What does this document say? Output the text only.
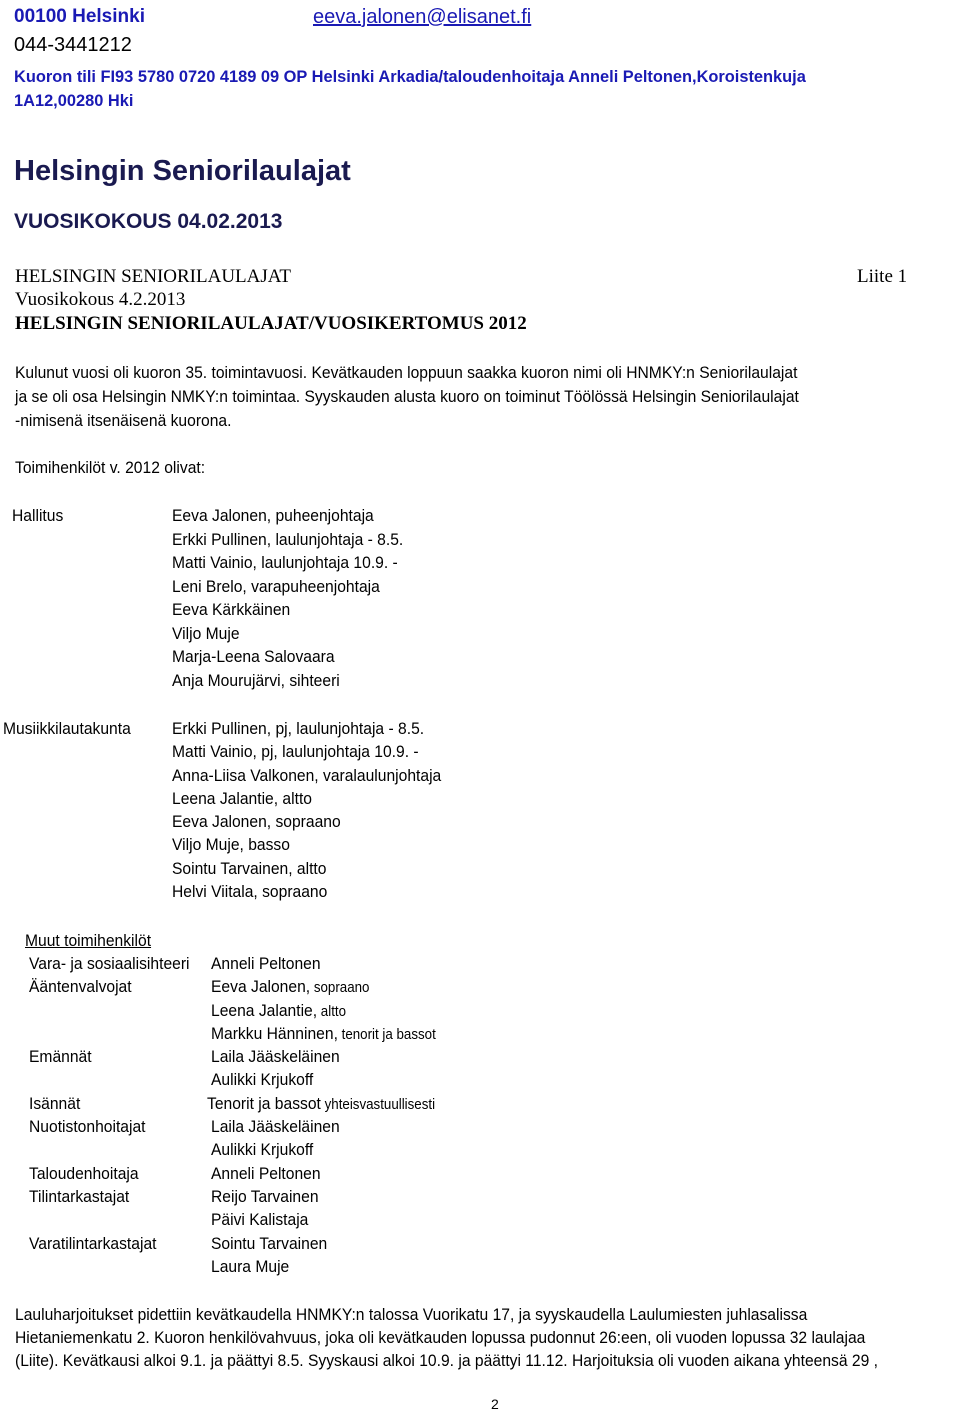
00100 Helsinki	eeva.jalonen@elisanet.fi
044-3441212
Kuoron tili FI93 5780 0720 4189 09 OP Helsinki Arkadia/taloudenhoitaja Anneli Peltonen,Koroistenkuja
1A12,00280 Hki
Helsingin Seniorilaulajat
VUOSIKOKOUS 04.02.2013
HELSINGIN SENIORILAULAJAT	Liite 1
Vuosikokous 4.2.2013
HELSINGIN SENIORILAULAJAT/VUOSIKERTOMUS 2012
Kulunut vuosi oli kuoron 35. toimintavuosi. Kevätkauden loppuun saakka kuoron nimi oli HNMKY:n Seniorilaulajat
ja se oli osa Helsingin NMKY:n toimintaa. Syyskauden alusta kuoro on toiminut Töölössä Helsingin Seniorilaulajat
-nimisenä itsenäisenä kuorona.
Toimihenkilöt v. 2012 olivat:
Hallitus	Eeva Jalonen, puheenjohtaja
Erkki Pullinen, laulunjohtaja - 8.5.
Matti Vainio, laulunjohtaja 10.9. -
Leni Brelo, varapuheenjohtaja
Eeva Kärkkäinen
Viljo Muje
Marja-Leena Salovaara
Anja Mourujärvi, sihteeri
Musiikkilautakunta Erkki Pullinen, pj, laulunjohtaja - 8.5.
Matti Vainio, pj, laulunjohtaja 10.9. -
Anna-Liisa Valkonen, varalaulunjohtaja
Leena Jalantie, altto
Eeva Jalonen, sopraano
Viljo Muje, basso
Sointu Tarvainen, altto
Helvi Viitala, sopraano
Muut toimihenkilöt
Vara- ja sosiaalisihteeri Anneli Peltonen
Ääntenvalvojat	Eeva Jalonen, sopraano
Leena Jalantie, altto
Markku Hänninen, tenorit ja bassot
Emännät	Laila Jääskeläinen
Aulikki Krjukoff
Isännät	Tenorit ja bassot yhteisvastuullisesti
Nuotistonhoitajat	Laila Jääskeläinen
Aulikki Krjukoff
Taloudenhoitaja	Anneli Peltonen
Tilintarkastajat	Reijo Tarvainen
Päivi Kalistaja
Varatilintarkastajat	Sointu Tarvainen
Laura Muje
Lauluharjoitukset pidettiin kevätkaudella HNMKY:n talossa Vuorikatu 17, ja syyskaudella Laulumiesten juhlasalissa
Hietaniemenkatu 2. Kuoron henkilövahvuus, joka oli kevätkauden lopussa pudonnut 26:een, oli vuoden lopussa 32 laulajaa
(Liite). Kevätkausi alkoi 9.1. ja päättyi 8.5. Syyskausi alkoi 10.9. ja päättyi 11.12. Harjoituksia oli vuoden aikana yhteensä 29 ,
2
